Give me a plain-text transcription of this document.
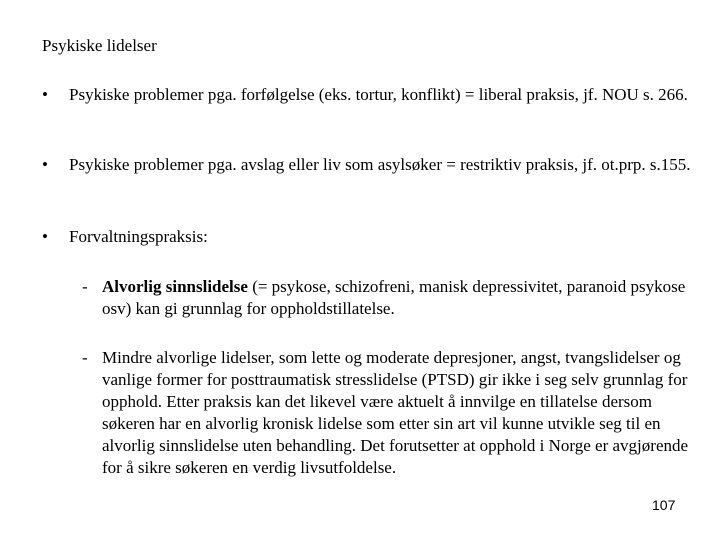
Psykiske lidelser
•	Psykiske problemer pga. forfølgelse (eks. tortur, konflikt) = liberal praksis, jf. NOU s. 266.
•	Psykiske problemer pga. avslag eller liv som asylsøker = restriktiv praksis, jf. ot.prp. s.155.
•	Forvaltningspraksis:
- Alvorlig sinnslidelse (= psykose, schizofreni, manisk depressivitet, paranoid psykose osv) kan gi grunnlag for oppholdstillatelse.
- Mindre alvorlige lidelser, som lette og moderate depresjoner, angst, tvangslidelser og vanlige former for posttraumatisk stresslidelse (PTSD) gir ikke i seg selv grunnlag for opphold. Etter praksis kan det likevel være aktuelt å innvilge en tillatelse dersom søkeren har en alvorlig kronisk lidelse som etter sin art vil kunne utvikle seg til en alvorlig sinnslidelse uten behandling. Det forutsetter at opphold i Norge er avgjørende for å sikre søkeren en verdig livsutfoldelse.
107
